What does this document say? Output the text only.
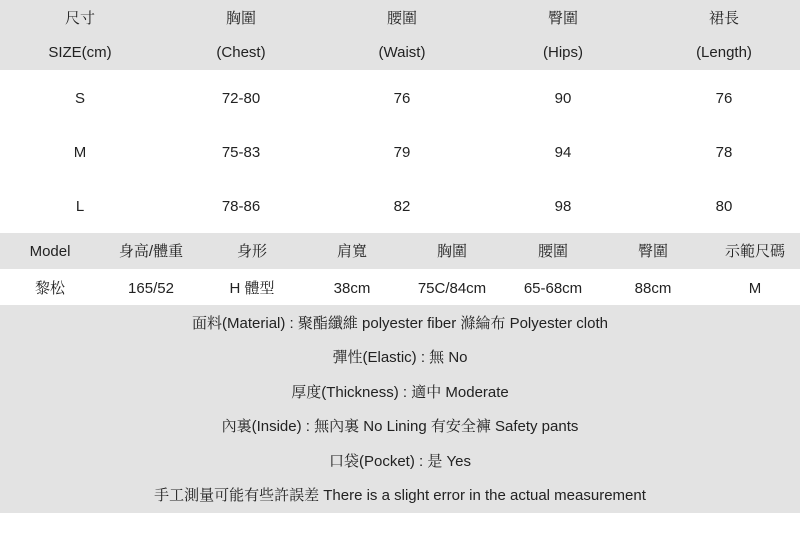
尺寸	胸圍	腰圍	臀圍	裙長
SIZE(cm)	(Chest)	(Waist)	(Hips)	(Length)
S	72-80	76	90	76
M	75-83	79	94	78
L	78-86	82	98	80
Model	身高/體重	身形	肩寬	胸圍	腰圍	臀圍	示範尺碼
黎松	165/52	H 體型	38cm	75C/84cm	65-68cm	88cm	M
面料(Material) : 聚酯纖維 polyester fiber 滌綸布 Polyester cloth
彈性(Elastic) : 無 No
厚度(Thickness) : 適中 Moderate
內裏(Inside) : 無內裏 No Lining 有安全褲 Safety pants
口袋(Pocket) : 是 Yes
手工測量可能有些許誤差 There is a slight error in the actual measurement
